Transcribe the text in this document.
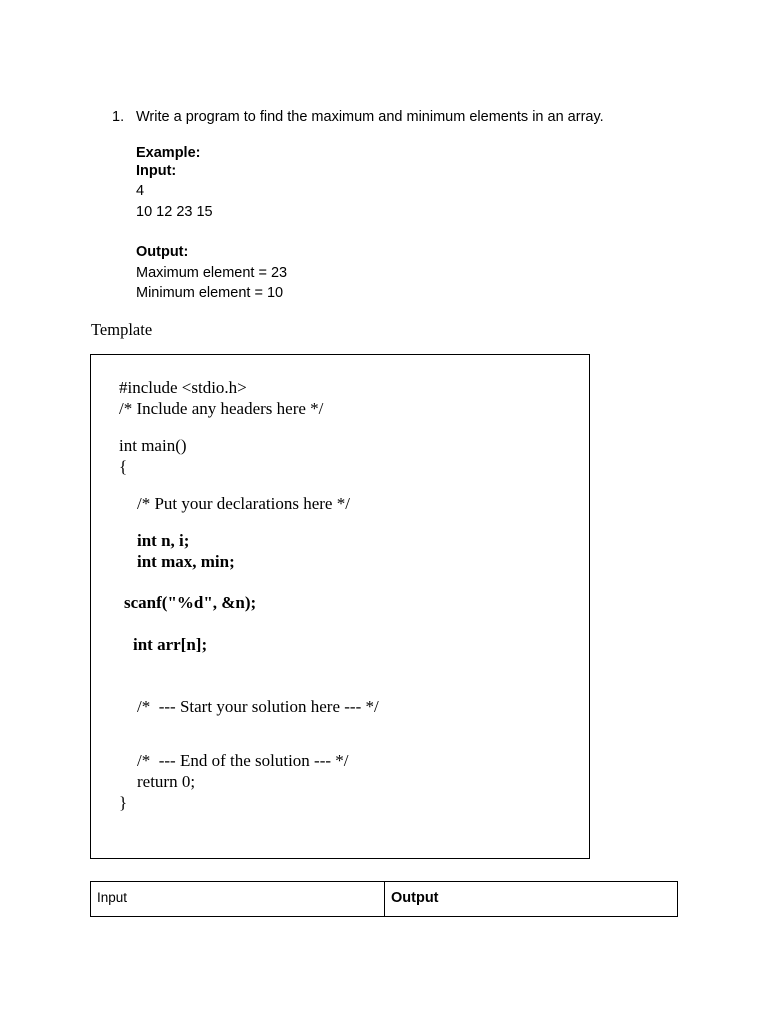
1. Write a program to find the maximum and minimum elements in an array.
Example:
Input:
4
10 12 23 15
Output:
Maximum element = 23
Minimum element = 10
Template
#include <stdio.h>
/* Include any headers here */
int main()
{
/* Put your declarations here */
int n, i;
int max, min;
scanf("%d", &n);
int arr[n];
/*  --- Start your solution here --- */
/*  --- End of the solution --- */
return 0;
}
Input	Output
